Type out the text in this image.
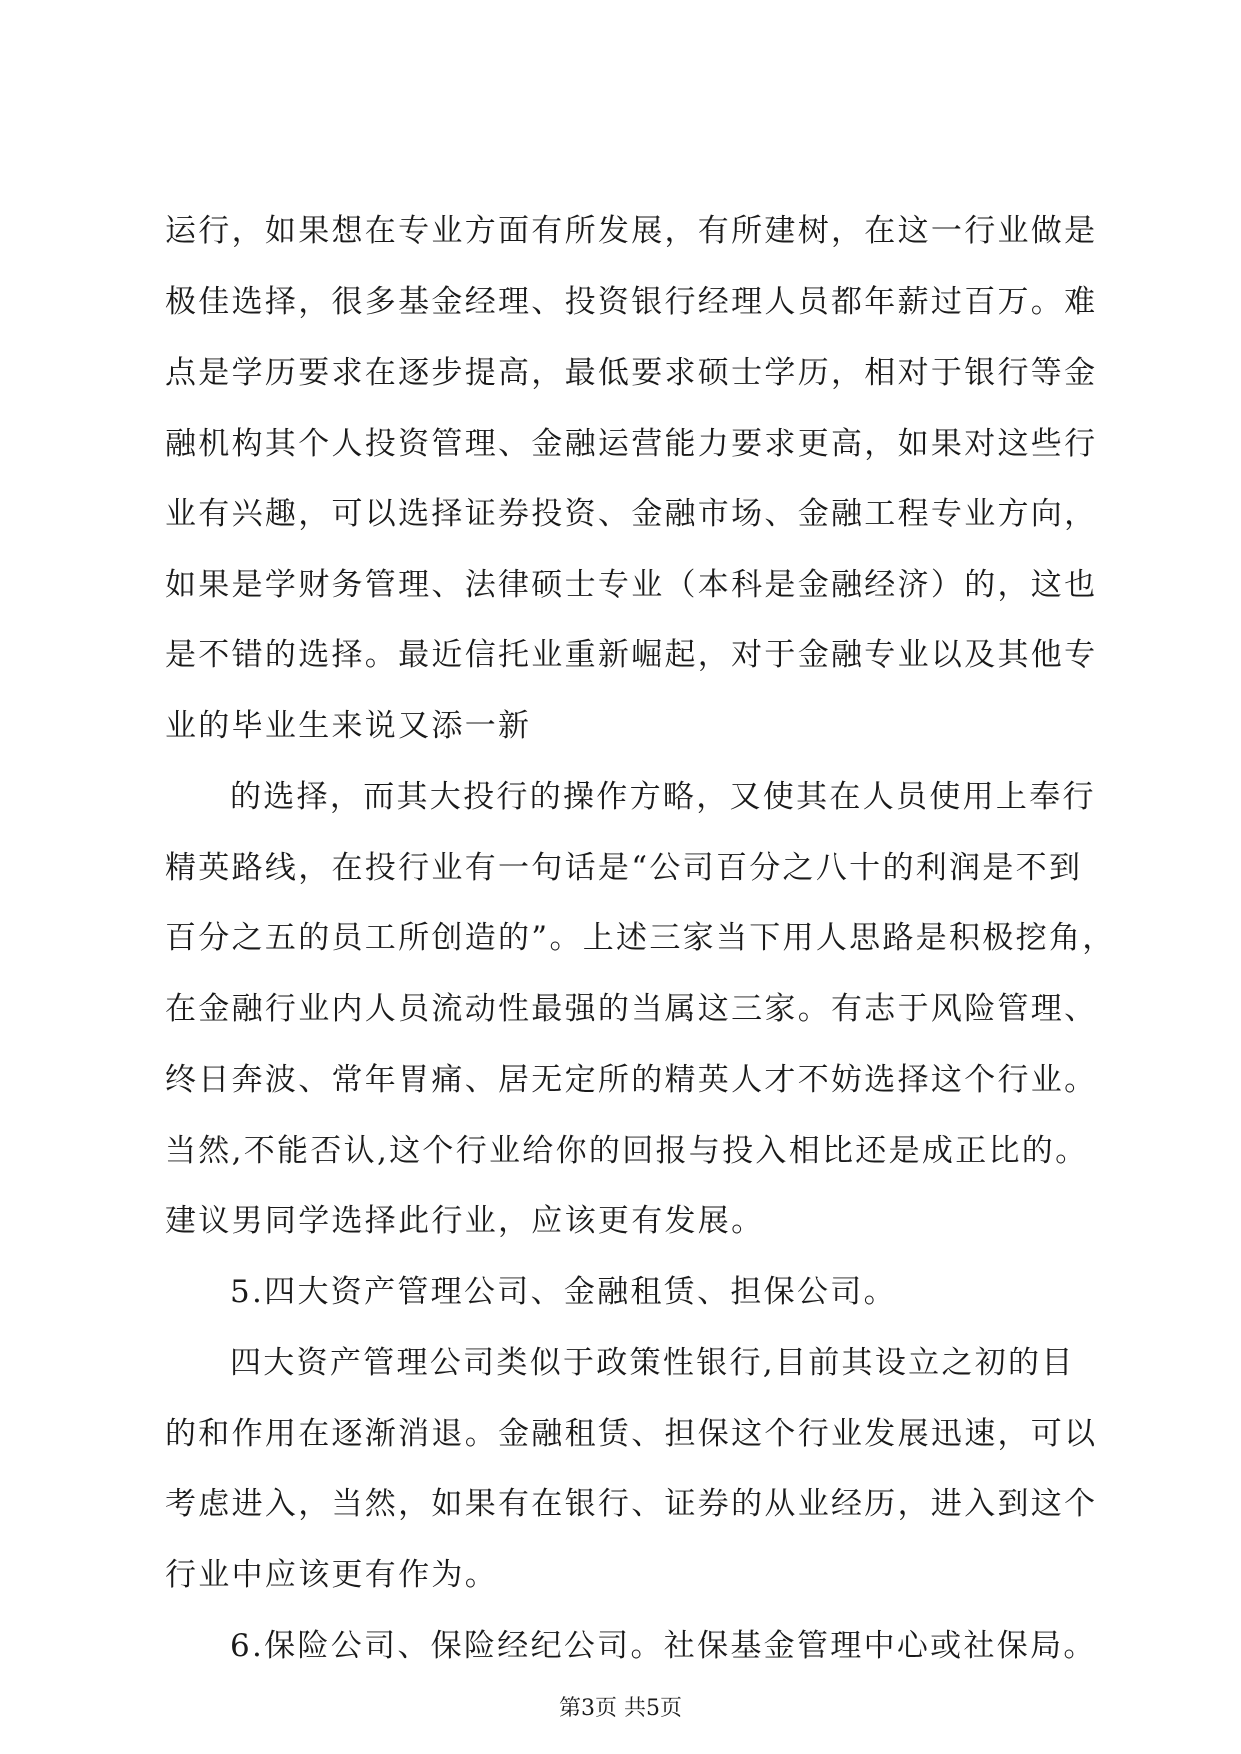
运行，如果想在专业方面有所发展，有所建树，在这一行业做是
极佳选择，很多基金经理、投资银行经理人员都年薪过百万。难
点是学历要求在逐步提高，最低要求硕士学历，相对于银行等金
融机构其个人投资管理、金融运营能力要求更高，如果对这些行
业有兴趣，可以选择证券投资、金融市场、金融工程专业方向，
如果是学财务管理、法律硕士专业（本科是金融经济）的，这也
是不错的选择。最近信托业重新崛起，对于金融专业以及其他专
业的毕业生来说又添一新
的选择，而其大投行的操作方略，又使其在人员使用上奉行
精英路线，在投行业有一句话是“公司百分之八十的利润是不到
百分之五的员工所创造的”。上述三家当下用人思路是积极挖角，
在金融行业内人员流动性最强的当属这三家。有志于风险管理、
终日奔波、常年胃痛、居无定所的精英人才不妨选择这个行业。
当然,不能否认,这个行业给你的回报与投入相比还是成正比的。
建议男同学选择此行业，应该更有发展。
5.四大资产管理公司、金融租赁、担保公司。
四大资产管理公司类似于政策性银行,目前其设立之初的目
的和作用在逐渐消退。金融租赁、担保这个行业发展迅速，可以
考虑进入，当然，如果有在银行、证券的从业经历，进入到这个
行业中应该更有作为。
6.保险公司、保险经纪公司。社保基金管理中心或社保局。
第3页 共5页
